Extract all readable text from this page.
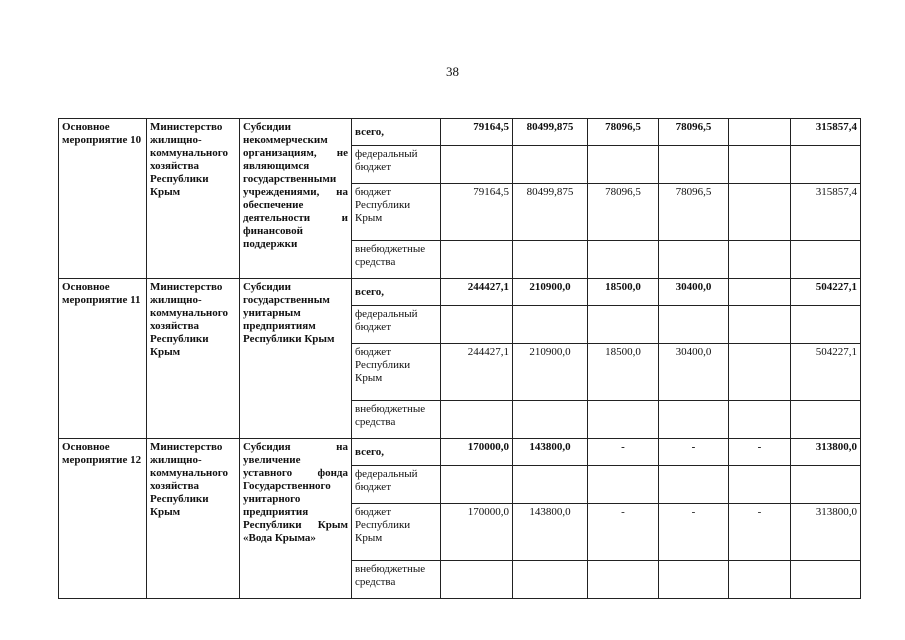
38
Основное мероприятие 10	Министерство жилищно-коммунального хозяйства Республики Крым	Субсидии некоммерческим организациям, не являющимся государственными учреждениями, на обеспечение деятельности и финансовой поддержки	всего,	79164,5	80499,875	78096,5	78096,5		315857,4
			федеральный бюджет						
			бюджет Республики Крым	79164,5	80499,875	78096,5	78096,5		315857,4
			внебюджетные средства						
Основное мероприятие 11	Министерство жилищно-коммунального хозяйства Республики Крым	Субсидии государственным унитарным предприятиям Республики Крым	всего,	244427,1	210900,0	18500,0	30400,0		504227,1
			федеральный бюджет						
			бюджет Республики Крым	244427,1	210900,0	18500,0	30400,0		504227,1
			внебюджетные средства						
Основное мероприятие 12	Министерство жилищно-коммунального хозяйства Республики Крым	Субсидия на увеличение уставного фонда Государственного унитарного предприятия Республики Крым «Вода Крыма»	всего,	170000,0	143800,0	-	-	-	313800,0
			федеральный бюджет						
			бюджет Республики Крым	170000,0	143800,0	-	-	-	313800,0
			внебюджетные средства						
